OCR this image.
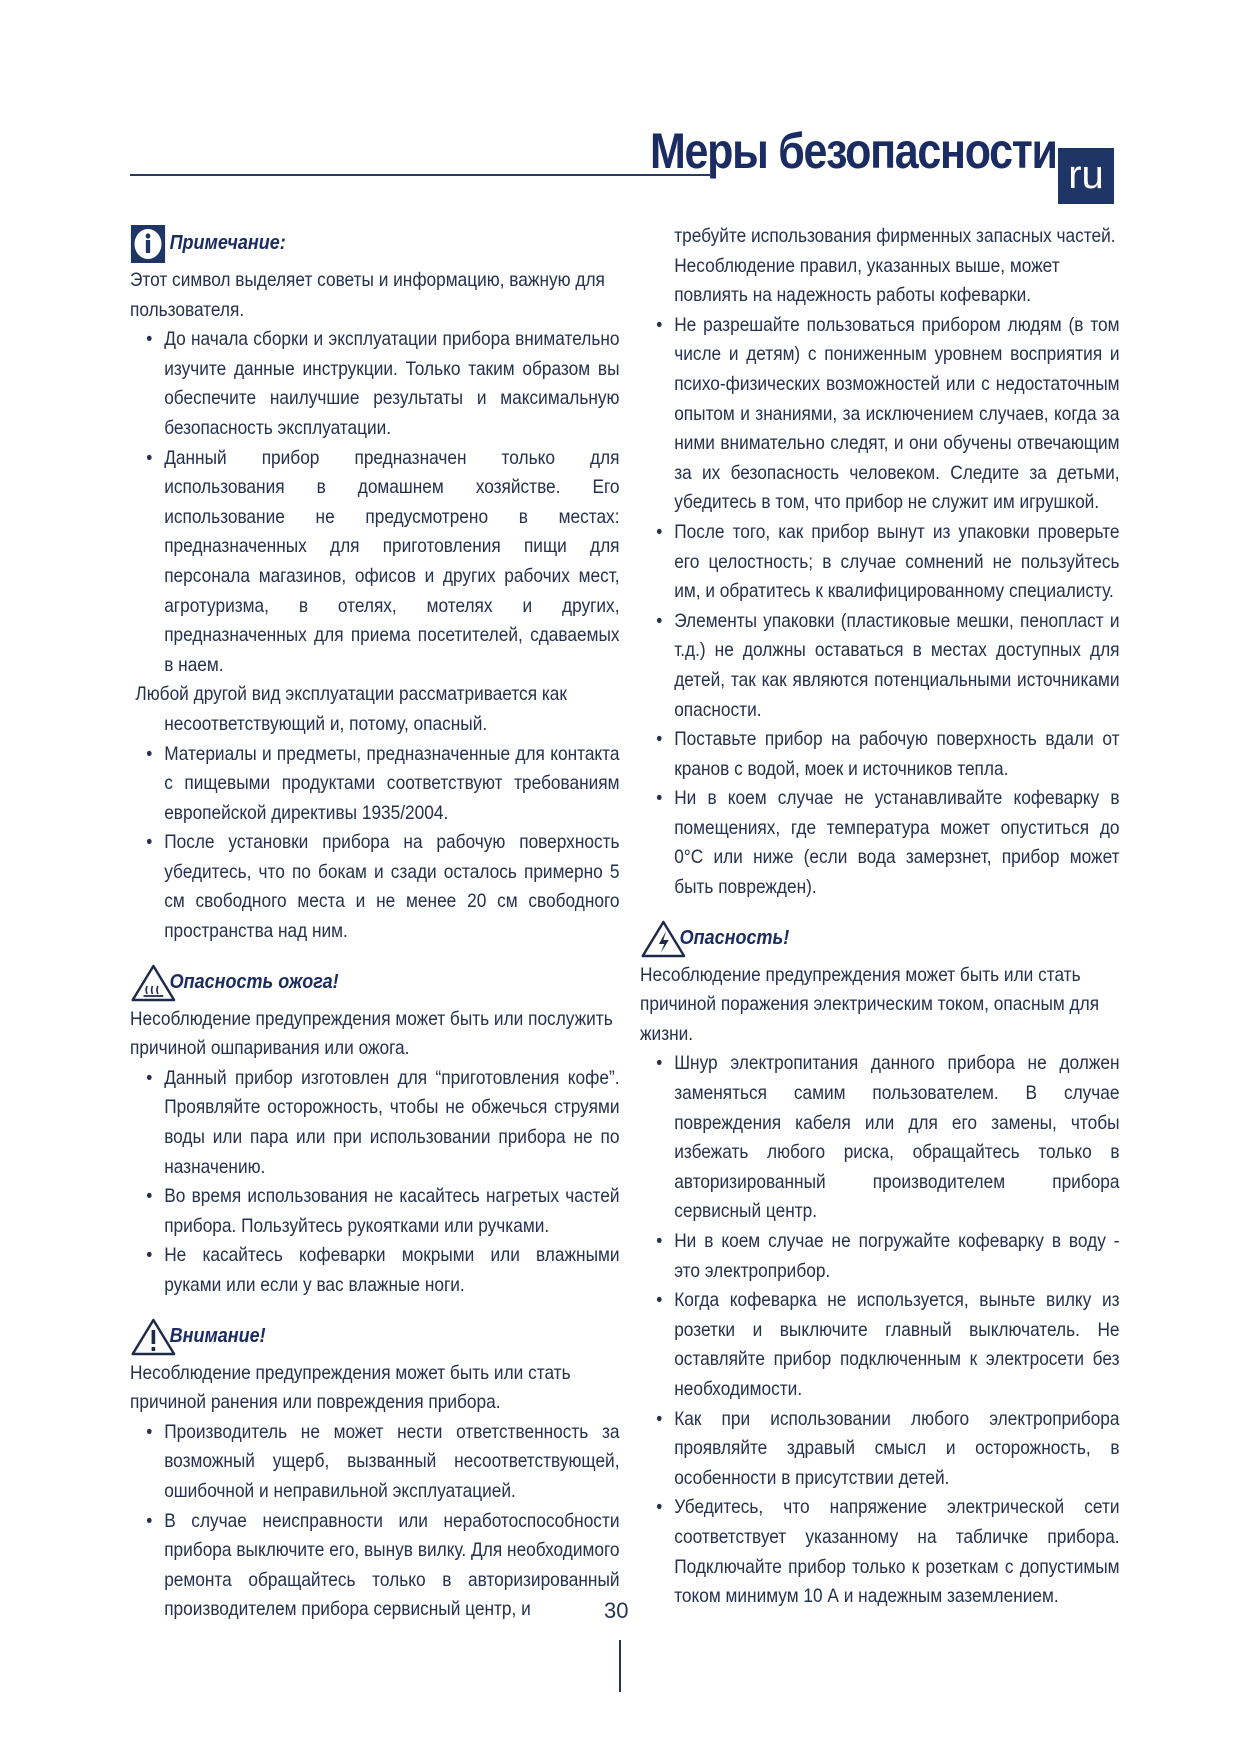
Меры безопасности ru
Примечание:

Этот символ выделяет советы и информацию, важную для пользователя.

• До начала сборки и эксплуатации прибора внимательно изучите данные инструкции. Только таким образом вы обеспечите наилучшие результаты и максимальную безопасность эксплуатации.
• Данный прибор предназначен только для использования в домашнем хозяйстве. Его использование не предусмотрено в местах: предназначенных для приготовления пищи для персонала магазинов, офисов и других рабочих мест, агротуризма, в отелях, мотелях и других, предназначенных для приема посетителей, сдаваемых в наем.

Любой другой вид эксплуатации рассматривается как несоответствующий и, потому, опасный.

• Материалы и предметы, предназначенные для контакта с пищевыми продуктами соответствуют требованиям европейской директивы 1935/2004.
• После установки прибора на рабочую поверхность убедитесь, что по бокам и сзади осталось примерно 5 см свободного места и не менее 20 см свободного пространства над ним.
Опасность ожога!

Несоблюдение предупреждения может быть или послужить причиной ошпаривания или ожога.

• Данный прибор изготовлен для “приготовления кофе”. Проявляйте осторожность, чтобы не обжечься струями воды или пара или при использовании прибора не по назначению.
• Во время использования не касайтесь нагретых частей прибора. Пользуйтесь рукоятками или ручками.
• Не касайтесь кофеварки мокрыми или влажными руками или если у вас влажные ноги.
Внимание!

Несоблюдение предупреждения может быть или стать причиной ранения или повреждения прибора.

• Производитель не может нести ответственность за возможный ущерб, вызванный несоответствующей, ошибочной и неправильной эксплуатацией.
• В случае неисправности или неработоспособности прибора выключите его, вынув вилку. Для необходимого ремонта обращайтесь только в авторизированный производителем прибора сервисный центр, и

требуйте использования фирменных запасных частей. Несоблюдение правил, указанных выше, может повлиять на надежность работы кофеварки.

• Не разрешайте пользоваться прибором людям (в том числе и детям) с пониженным уровнем восприятия и психо-физических возможностей или с недостаточным опытом и знаниями, за исключением случаев, когда за ними внимательно следят, и они обучены отвечающим за их безопасность человеком. Следите за детьми, убедитесь в том, что прибор не служит им игрушкой.
• После того, как прибор вынут из упаковки проверьте его целостность; в случае сомнений не пользуйтесь им, и обратитесь к квалифицированному специалисту.
• Элементы упаковки (пластиковые мешки, пенопласт и т.д.) не должны оставаться в местах доступных для детей, так как являются потенциальными источниками опасности.
• Поставьте прибор на рабочую поверхность вдали от кранов с водой, моек и источников тепла.
• Ни в коем случае не устанавливайте кофеварку в помещениях, где температура может опуститься до 0°C или ниже (если вода замерзнет, прибор может быть поврежден).
Опасность!

Несоблюдение предупреждения может быть или стать причиной поражения электрическим током, опасным для жизни.

• Шнур электропитания данного прибора не должен заменяться самим пользователем. В случае повреждения кабеля или для его замены, чтобы избежать любого риска, обращайтесь только в авторизированный производителем прибора сервисный центр.
• Ни в коем случае не погружайте кофеварку в воду - это электроприбор.
• Когда кофеварка не используется, выньте вилку из розетки и выключите главный выключатель. Не оставляйте прибор подключенным к электросети без необходимости.
• Как при использовании любого электроприбора проявляйте здравый смысл и осторожность, в особенности в присутствии детей.
• Убедитесь, что напряжение электрической сети соответствует указанному на табличке прибора. Подключайте прибор только к розеткам с допустимым током минимум 10 А и надежным заземлением.
30
